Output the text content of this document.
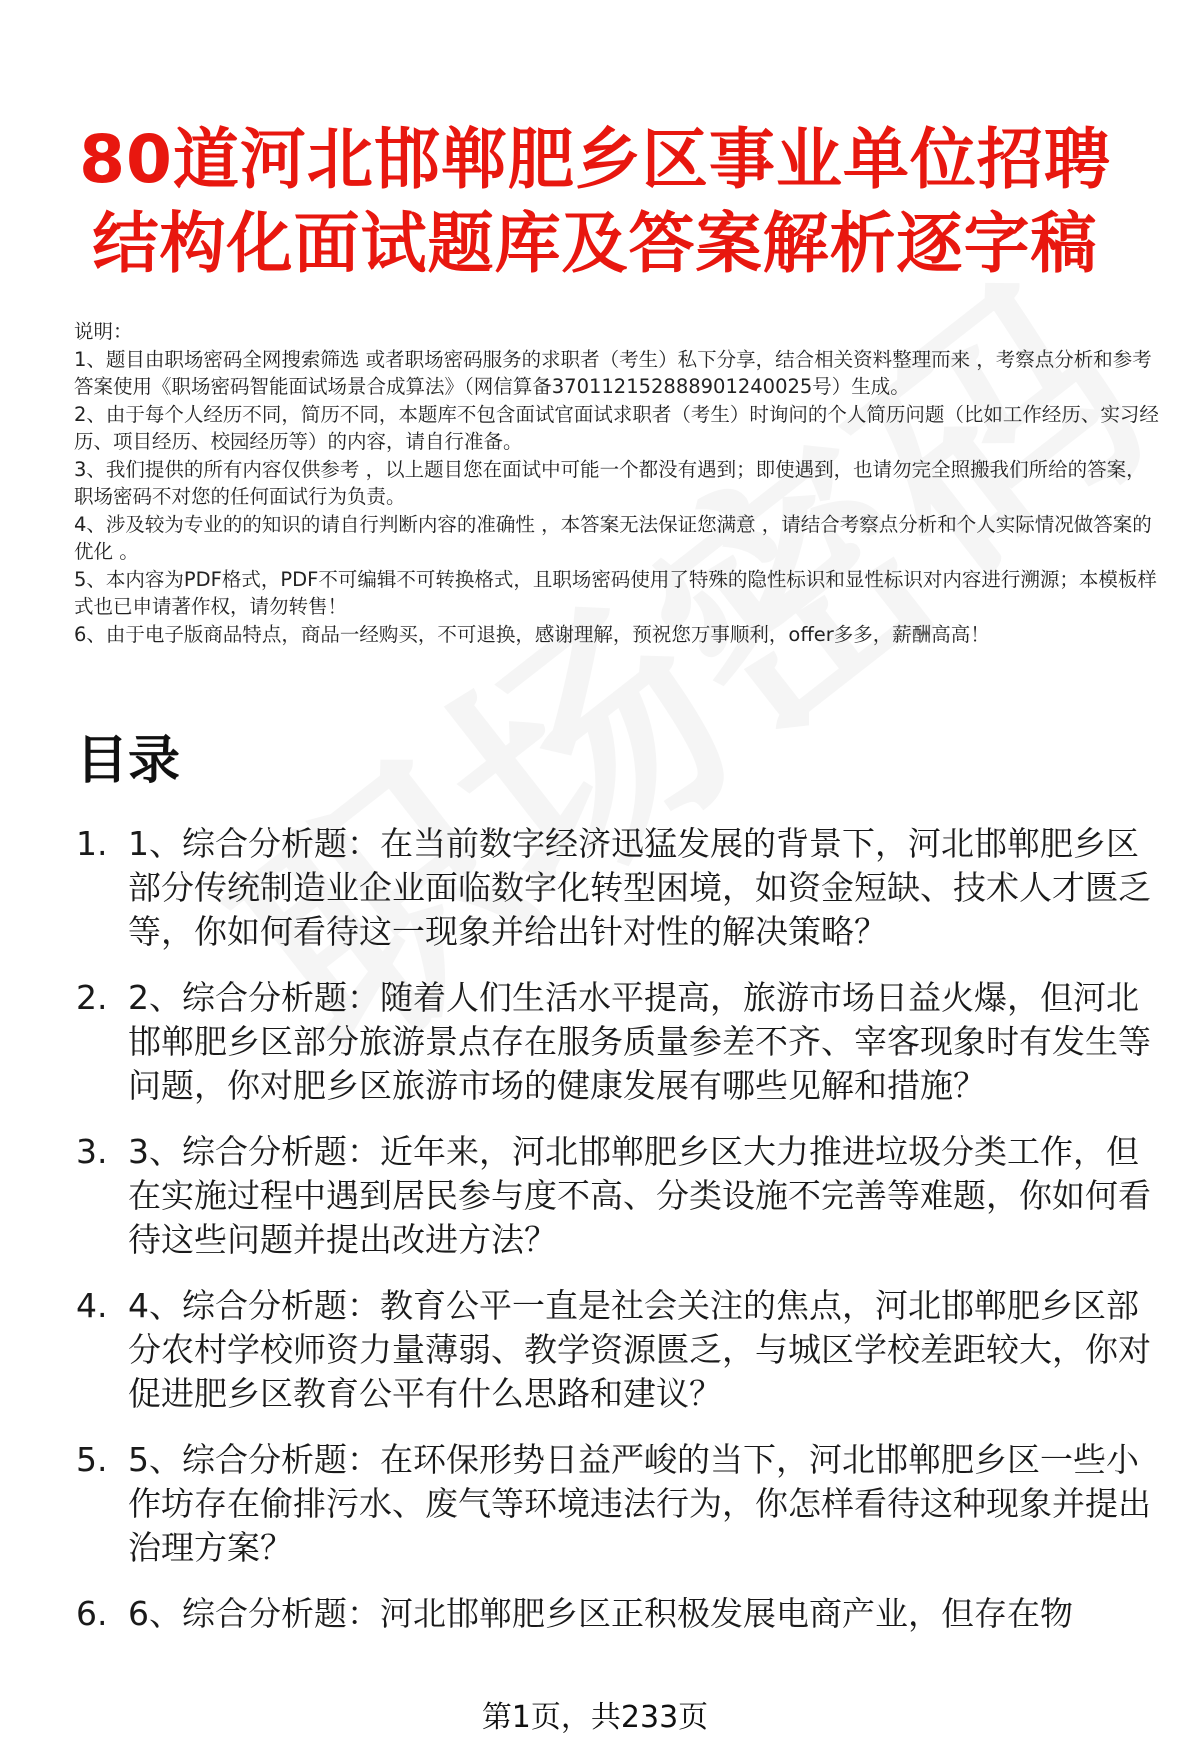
80道河北邯郸肥乡区事业单位招聘
结构化面试题库及答案解析逐字稿

说明：

1、题目由职场密码全网搜索筛选 或者职场密码服务的求职者（考生）私下分享，结合相关资料整理而来 ，考察点分析和参考答案使用《职场密码智能面试场景合成算法》（网信算备370112152888901240025号）生成。

2、由于每个人经历不同，简历不同，本题库不包含面试官面试求职者（考生）时询问的个人简历问题（比如工作经历、实习经历、项目经历、校园经历等）的内容，请自行准备。

3、我们提供的所有内容仅供参考 ，以上题目您在面试中可能一个都没有遇到；即使遇到，也请勿完全照搬我们所给的答案，职场密码不对您的任何面试行为负责。

4、涉及较为专业的的知识的请自行判断内容的准确性 ，本答案无法保证您满意 ，请结合考察点分析和个人实际情况做答案的优化 。

5、本内容为PDF格式，PDF不可编辑不可转换格式，且职场密码使用了特殊的隐性标识和显性标识对内容进行溯源；本模板样式也已申请著作权，请勿转售！

6、由于电子版商品特点，商品一经购买，不可退换，感谢理解，预祝您万事顺利，offer多多，薪酬高高！

目录
1. 1、综合分析题：在当前数字经济迅猛发展的背景下，河北邯郸肥乡区部分传统制造业企业面临数字化转型困境，如资金短缺、技术人才匮乏等，你如何看待这一现象并给出针对性的解决策略？
2. 2、综合分析题：随着人们生活水平提高，旅游市场日益火爆，但河北邯郸肥乡区部分旅游景点存在服务质量参差不齐、宰客现象时有发生等问题，你对肥乡区旅游市场的健康发展有哪些见解和措施？
3. 3、综合分析题：近年来，河北邯郸肥乡区大力推进垃圾分类工作，但在实施过程中遇到居民参与度不高、分类设施不完善等难题，你如何看待这些问题并提出改进方法？
4. 4、综合分析题：教育公平一直是社会关注的焦点，河北邯郸肥乡区部分农村学校师资力量薄弱、教学资源匮乏，与城区学校差距较大，你对促进肥乡区教育公平有什么思路和建议？
5. 5、综合分析题：在环保形势日益严峻的当下，河北邯郸肥乡区一些小作坊存在偷排污水、废气等环境违法行为，你怎样看待这种现象并提出治理方案？
6. 6、综合分析题：河北邯郸肥乡区正积极发展电商产业，但存在物
第1页，共233页
